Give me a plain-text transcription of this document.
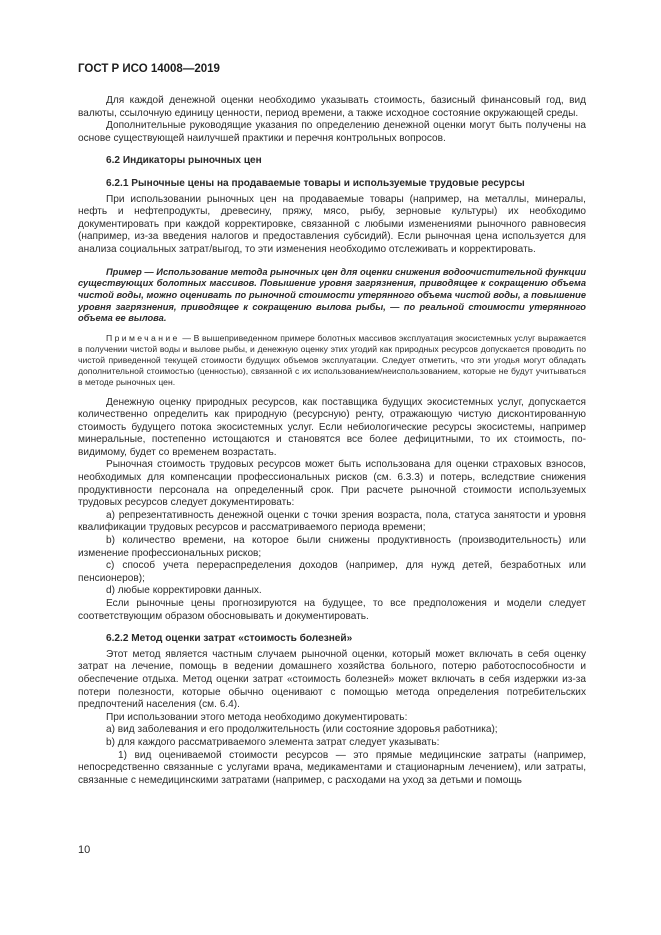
ГОСТ Р ИСО 14008—2019

Для каждой денежной оценки необходимо указывать стоимость, базисный финансовый год, вид валюты, ссылочную единицу ценности, период времени, а также исходное состояние окружающей среды.

Дополнительные руководящие указания по определению денежной оценки могут быть получены на основе существующей наилучшей практики и перечня контрольных вопросов.

6.2 Индикаторы рыночных цен

6.2.1 Рыночные цены на продаваемые товары и используемые трудовые ресурсы

При использовании рыночных цен на продаваемые товары (например, на металлы, минералы, нефть и нефтепродукты, древесину, пряжу, мясо, рыбу, зерновые культуры) их необходимо документировать при каждой корректировке, связанной с любыми изменениями рыночного равновесия (например, из-за введения налогов и предоставления субсидий). Если рыночная цена используется для анализа социальных затрат/выгод, то эти изменения необходимо отслеживать и корректировать.

Пример — Использование метода рыночных цен для оценки снижения водоочистительной функции существующих болотных массивов. Повышение уровня загрязнения, приводящее к сокращению объема чистой воды, можно оценивать по рыночной стоимости утерянного объема чистой воды, а повышение уровня загрязнения, приводящее к сокращению вылова рыбы, — по реальной стоимости утерянного объема ее вылова.

Примечание — В вышеприведенном примере болотных массивов эксплуатация экосистемных услуг выражается в получении чистой воды и вылове рыбы, и денежную оценку этих угодий как природных ресурсов допускается проводить по чистой приведенной текущей стоимости будущих объемов эксплуатации. Следует отметить, что эти угодья могут обладать дополнительной стоимостью (ценностью), связанной с их использованием/неиспользованием, которые не будут учитываться в методе рыночных цен.

Денежную оценку природных ресурсов, как поставщика будущих экосистемных услуг, допускается количественно определить как природную (ресурсную) ренту, отражающую чистую дисконтированную стоимость будущего потока экосистемных услуг. Если небиологические ресурсы экосистемы, например минеральные, постепенно истощаются и становятся все более дефицитными, то их стоимость, по-видимому, будет со временем возрастать.

Рыночная стоимость трудовых ресурсов может быть использована для оценки страховых взносов, необходимых для компенсации профессиональных рисков (см. 6.3.3) и потерь, вследствие снижения продуктивности персонала на определенный срок. При расчете рыночной стоимости используемых трудовых ресурсов следует документировать:

a) репрезентативность денежной оценки с точки зрения возраста, пола, статуса занятости и уровня квалификации трудовых ресурсов и рассматриваемого периода времени;

b) количество времени, на которое были снижены продуктивность (производительность) или изменение профессиональных рисков;

c) способ учета перераспределения доходов (например, для нужд детей, безработных или пенсионеров);

d) любые корректировки данных.

Если рыночные цены прогнозируются на будущее, то все предположения и модели следует соответствующим образом обосновывать и документировать.

6.2.2 Метод оценки затрат «стоимость болезней»

Этот метод является частным случаем рыночной оценки, который может включать в себя оценку затрат на лечение, помощь в ведении домашнего хозяйства больного, потерю работоспособности и обеспечение отдыха. Метод оценки затрат «стоимость болезней» может включать в себя издержки из-за потери полезности, которые обычно оценивают с помощью метода определения потребительских предпочтений населения (см. 6.4).

При использовании этого метода необходимо документировать:

a) вид заболевания и его продолжительность (или состояние здоровья работника);

b) для каждого рассматриваемого элемента затрат следует указывать:

1) вид оцениваемой стоимости ресурсов — это прямые медицинские затраты (например, непосредственно связанные с услугами врача, медикаментами и стационарным лечением), или затраты, связанные с немедицинскими затратами (например, с расходами на уход за детьми и помощь

10
